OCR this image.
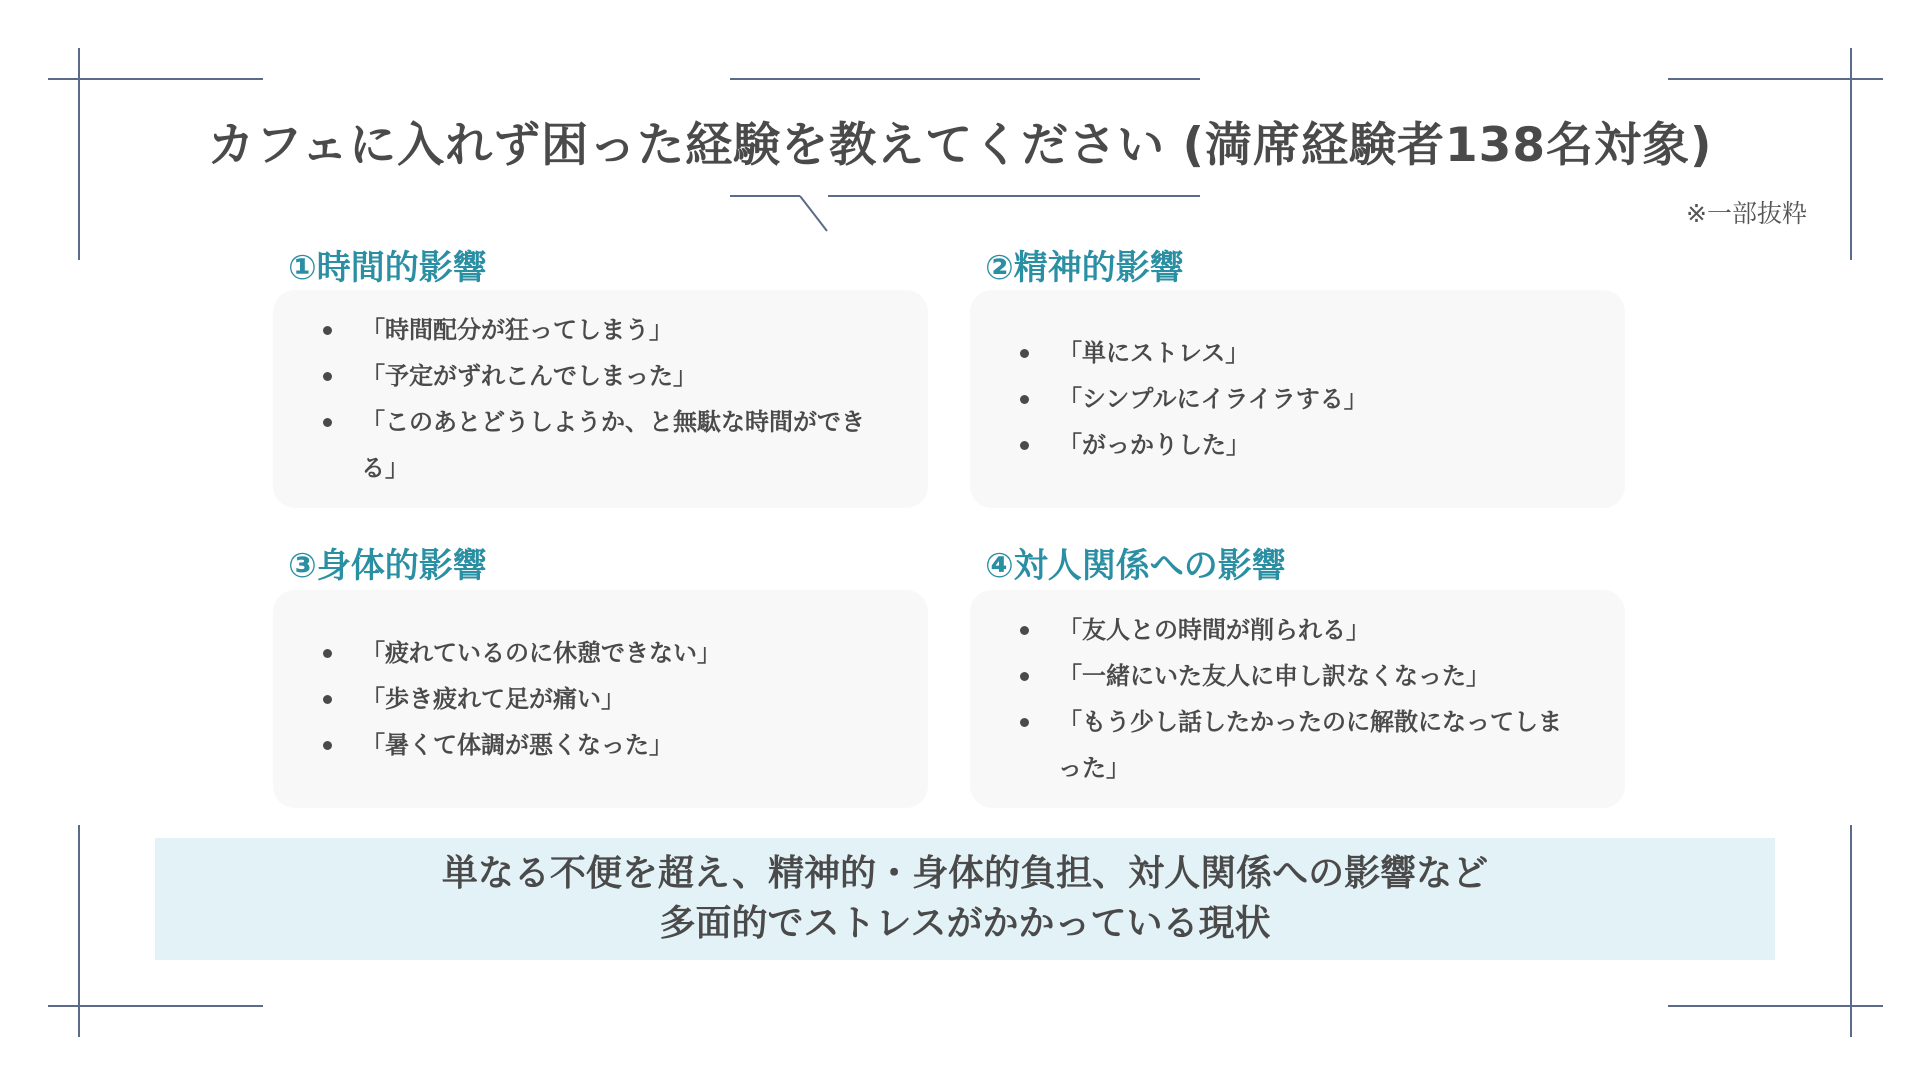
カフェに入れず困った経験を教えてください (満席経験者138名対象)
※一部抜粋
①時間的影響
「時間配分が狂ってしまう」
「予定がずれこんでしまった」
「このあとどうしようか、と無駄な時間ができる」
②精神的影響
「単にストレス」
「シンプルにイライラする」
「がっかりした」
③身体的影響
「疲れているのに休憩できない」
「歩き疲れて足が痛い」
「暑くて体調が悪くなった」
④対人関係への影響
「友人との時間が削られる」
「一緒にいた友人に申し訳なくなった」
「もう少し話したかったのに解散になってしまった」
単なる不便を超え、精神的・身体的負担、対人関係への影響など
多面的でストレスがかかっている現状
